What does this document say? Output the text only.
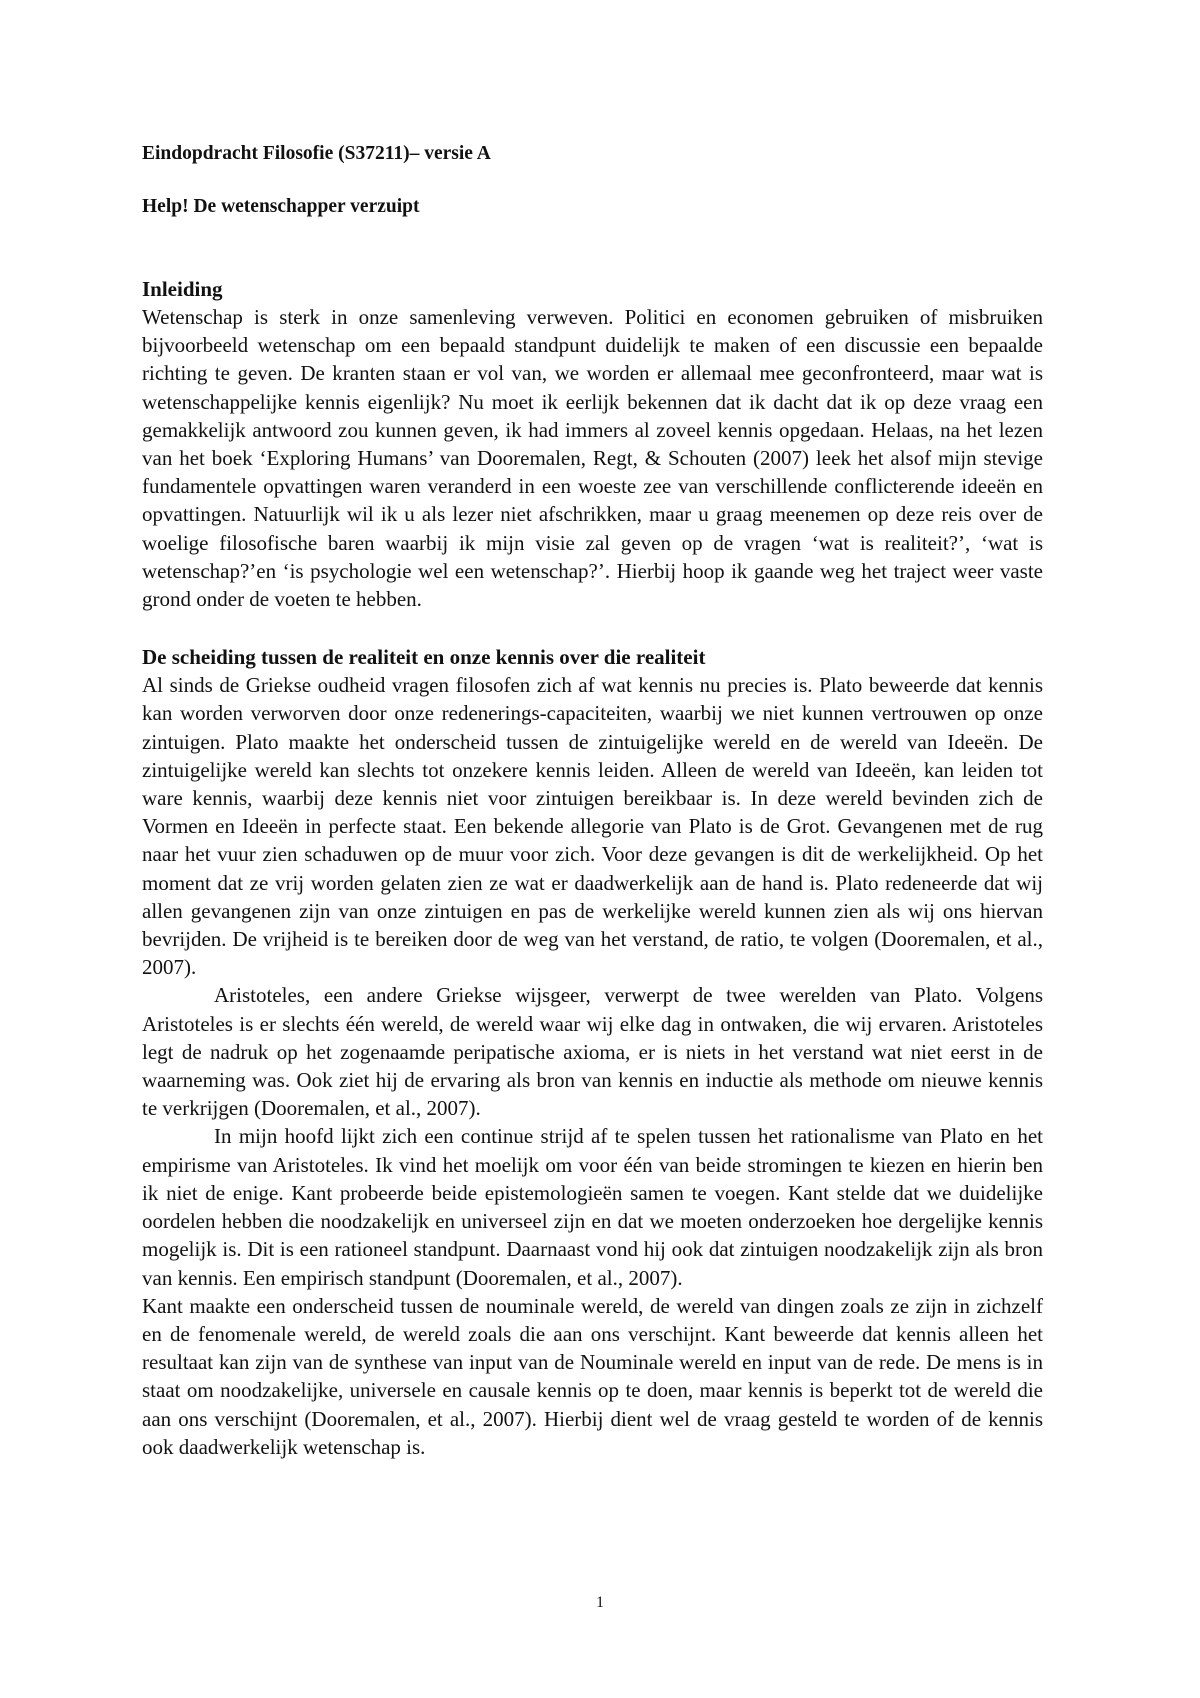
Eindopdracht Filosofie (S37211)– versie A

Help! De wetenschapper verzuipt

Inleiding

Wetenschap is sterk in onze samenleving verweven. Politici en economen gebruiken of misbruiken bijvoorbeeld wetenschap om een bepaald standpunt duidelijk te maken of een discussie een bepaalde richting te geven. De kranten staan er vol van, we worden er allemaal mee geconfronteerd, maar wat is wetenschappelijke kennis eigenlijk? Nu moet ik eerlijk bekennen dat ik dacht dat ik op deze vraag een gemakkelijk antwoord zou kunnen geven, ik had immers al zoveel kennis opgedaan. Helaas, na het lezen van het boek ‘Exploring Humans’ van Dooremalen, Regt, & Schouten (2007) leek het alsof mijn stevige fundamentele opvattingen waren veranderd in een woeste zee van verschillende conflicterende ideeën en opvattingen. Natuurlijk wil ik u als lezer niet afschrikken, maar u graag meenemen op deze reis over de woelige filosofische baren waarbij ik mijn visie zal geven op de vragen ‘wat is realiteit?’, ‘wat is wetenschap?’en ‘is psychologie wel een wetenschap?’. Hierbij hoop ik gaande weg het traject weer vaste grond onder de voeten te hebben.

De scheiding tussen de realiteit en onze kennis over die realiteit

Al sinds de Griekse oudheid vragen filosofen zich af wat kennis nu precies is. Plato beweerde dat kennis kan worden verworven door onze redenerings-capaciteiten, waarbij we niet kunnen vertrouwen op onze zintuigen. Plato maakte het onderscheid tussen de zintuigelijke wereld en de wereld van Ideeën. De zintuigelijke wereld kan slechts tot onzekere kennis leiden. Alleen de wereld van Ideeën, kan leiden tot ware kennis, waarbij deze kennis niet voor zintuigen bereikbaar is. In deze wereld bevinden zich de Vormen en Ideeën in perfecte staat. Een bekende allegorie van Plato is de Grot. Gevangenen met de rug naar het vuur zien schaduwen op de muur voor zich. Voor deze gevangen is dit de werkelijkheid. Op het moment dat ze vrij worden gelaten zien ze wat er daadwerkelijk aan de hand is. Plato redeneerde dat wij allen gevangenen zijn van onze zintuigen en pas de werkelijke wereld kunnen zien als wij ons hiervan bevrijden. De vrijheid is te bereiken door de weg van het verstand, de ratio, te volgen (Dooremalen, et al., 2007).

Aristoteles, een andere Griekse wijsgeer, verwerpt de twee werelden van Plato. Volgens Aristoteles is er slechts één wereld, de wereld waar wij elke dag in ontwaken, die wij ervaren. Aristoteles legt de nadruk op het zogenaamde peripatische axioma, er is niets in het verstand wat niet eerst in de waarneming was. Ook ziet hij de ervaring als bron van kennis en inductie als methode om nieuwe kennis te verkrijgen (Dooremalen, et al., 2007).

In mijn hoofd lijkt zich een continue strijd af te spelen tussen het rationalisme van Plato en het empirisme van Aristoteles. Ik vind het moelijk om voor één van beide stromingen te kiezen en hierin ben ik niet de enige. Kant probeerde beide epistemologieën samen te voegen. Kant stelde dat we duidelijke oordelen hebben die noodzakelijk en universeel zijn en dat we moeten onderzoeken hoe dergelijke kennis mogelijk is. Dit is een rationeel standpunt. Daarnaast vond hij ook dat zintuigen noodzakelijk zijn als bron van kennis. Een empirisch standpunt (Dooremalen, et al., 2007).

Kant maakte een onderscheid tussen de nouminale wereld, de wereld van dingen zoals ze zijn in zichzelf en de fenomenale wereld, de wereld zoals die aan ons verschijnt. Kant beweerde dat kennis alleen het resultaat kan zijn van de synthese van input van de Nouminale wereld en input van de rede. De mens is in staat om noodzakelijke, universele en causale kennis op te doen, maar kennis is beperkt tot de wereld die aan ons verschijnt (Dooremalen, et al., 2007). Hierbij dient wel de vraag gesteld te worden of de kennis ook daadwerkelijk wetenschap is.

1
